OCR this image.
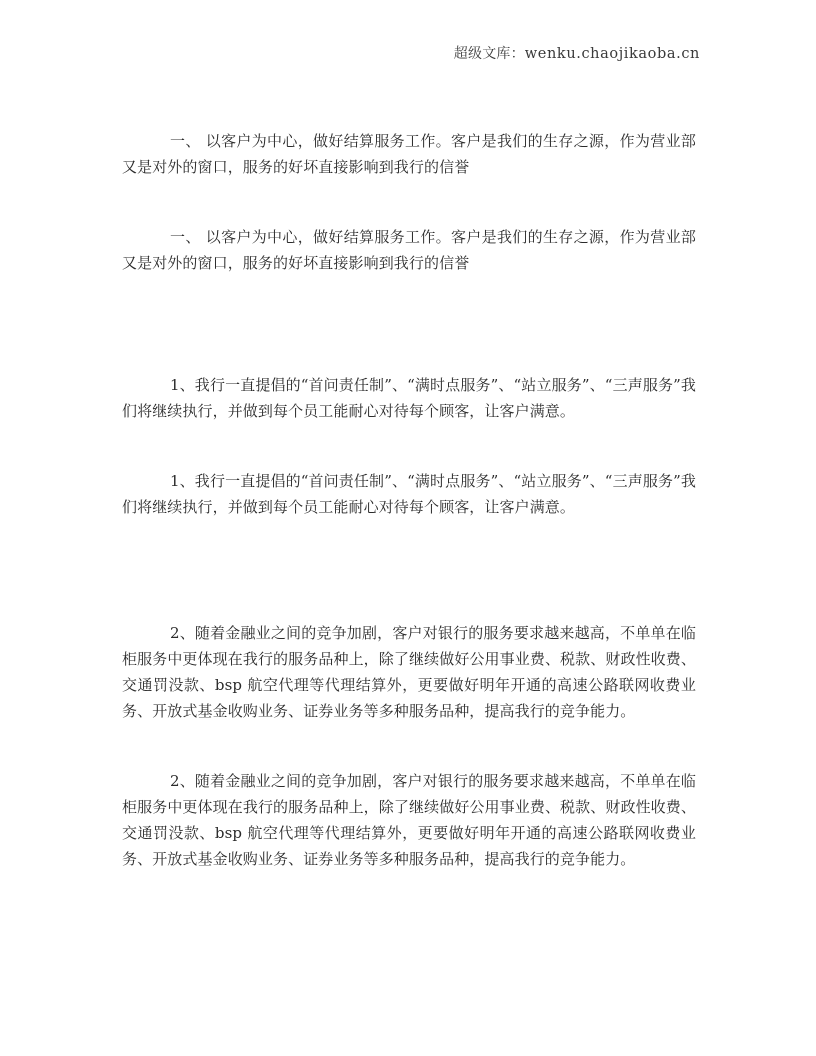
超级文库：wenku.chaojikaoba.cn

一、 以客户为中心，做好结算服务工作。客户是我们的生存之源，作为营业部又是对外的窗口，服务的好坏直接影响到我行的信誉

一、 以客户为中心，做好结算服务工作。客户是我们的生存之源，作为营业部又是对外的窗口，服务的好坏直接影响到我行的信誉

1、我行一直提倡的“首问责任制”、“满时点服务”、“站立服务”、“三声服务”我们将继续执行，并做到每个员工能耐心对待每个顾客，让客户满意。

1、我行一直提倡的“首问责任制”、“满时点服务”、“站立服务”、“三声服务”我们将继续执行，并做到每个员工能耐心对待每个顾客，让客户满意。

2、随着金融业之间的竞争加剧，客户对银行的服务要求越来越高，不单单在临柜服务中更体现在我行的服务品种上，除了继续做好公用事业费、税款、财政性收费、交通罚没款、bsp 航空代理等代理结算外，更要做好明年开通的高速公路联网收费业务、开放式基金收购业务、证券业务等多种服务品种，提高我行的竞争能力。

2、随着金融业之间的竞争加剧，客户对银行的服务要求越来越高，不单单在临柜服务中更体现在我行的服务品种上，除了继续做好公用事业费、税款、财政性收费、交通罚没款、bsp 航空代理等代理结算外，更要做好明年开通的高速公路联网收费业务、开放式基金收购业务、证券业务等多种服务品种，提高我行的竞争能力。
